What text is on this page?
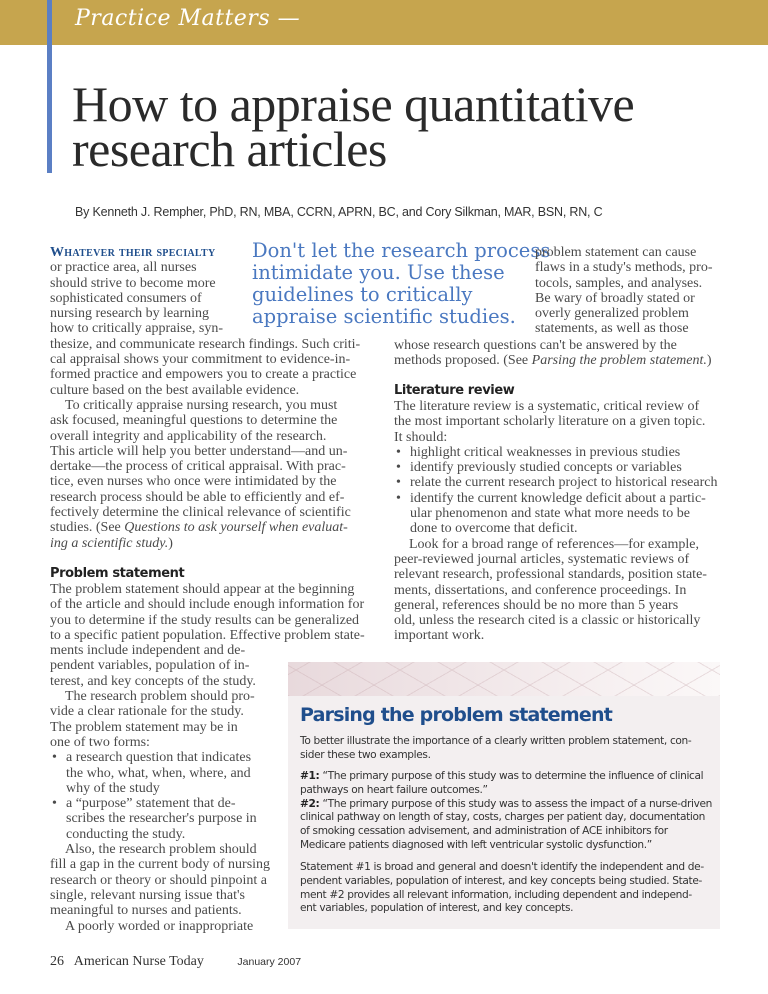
Practice Matters —
How to appraise quantitative
research articles
By Kenneth J. Rempher, PhD, RN, MBA, CCRN, APRN, BC, and Cory Silkman, MAR, BSN, RN, C
Whatever their specialty
or practice area, all nurses
should strive to become more
sophisticated consumers of
nursing research by learning
how to critically appraise, syn-
thesize, and communicate research findings. Such criti-
cal appraisal shows your commitment to evidence-in-
formed practice and empowers you to create a practice
culture based on the best available evidence.
To critically appraise nursing research, you must
ask focused, meaningful questions to determine the
overall integrity and applicability of the research.
This article will help you better understand—and un-
dertake—the process of critical appraisal. With prac-
tice, even nurses who once were intimidated by the
research process should be able to efficiently and ef-
fectively determine the clinical relevance of scientific
studies. (See Questions to ask yourself when evaluat-
ing a scientific study.)
Don't let the research process
intimidate you. Use these
guidelines to critically
appraise scientific studies.
Problem statement
The problem statement should appear at the beginning
of the article and should include enough information for
you to determine if the study results can be generalized
to a specific patient population. Effective problem state-
ments include independent and de-
pendent variables, population of in-
terest, and key concepts of the study.
The research problem should pro-
vide a clear rationale for the study.
The problem statement may be in
one of two forms:
• a research question that indicates
the who, what, when, where, and
why of the study
• a “purpose” statement that de-
scribes the researcher's purpose in
conducting the study.
Also, the research problem should
fill a gap in the current body of nursing
research or theory or should pinpoint a
single, relevant nursing issue that's
meaningful to nurses and patients.
A poorly worded or inappropriate
problem statement can cause
flaws in a study's methods, pro-
tocols, samples, and analyses.
Be wary of broadly stated or
overly generalized problem
statements, as well as those
whose research questions can't be answered by the
methods proposed. (See Parsing the problem statement.)
Literature review
The literature review is a systematic, critical review of
the most important scholarly literature on a given topic.
It should:
• highlight critical weaknesses in previous studies
• identify previously studied concepts or variables
• relate the current research project to historical research
• identify the current knowledge deficit about a partic-
ular phenomenon and state what more needs to be
done to overcome that deficit.
Look for a broad range of references—for example,
peer-reviewed journal articles, systematic reviews of
relevant research, professional standards, position state-
ments, dissertations, and conference proceedings. In
general, references should be no more than 5 years
old, unless the research cited is a classic or historically
important work.
Parsing the problem statement
To better illustrate the importance of a clearly written problem statement, con-
sider these two examples.
#1: “The primary purpose of this study was to determine the influence of clinical
pathways on heart failure outcomes.”
#2: “The primary purpose of this study was to assess the impact of a nurse-driven
clinical pathway on length of stay, costs, charges per patient day, documentation
of smoking cessation advisement, and administration of ACE inhibitors for
Medicare patients diagnosed with left ventricular systolic dysfunction.”
Statement #1 is broad and general and doesn't identify the independent and de-
pendent variables, population of interest, and key concepts being studied. State-
ment #2 provides all relevant information, including dependent and independ-
ent variables, population of interest, and key concepts.
26 American Nurse Today	January 2007
